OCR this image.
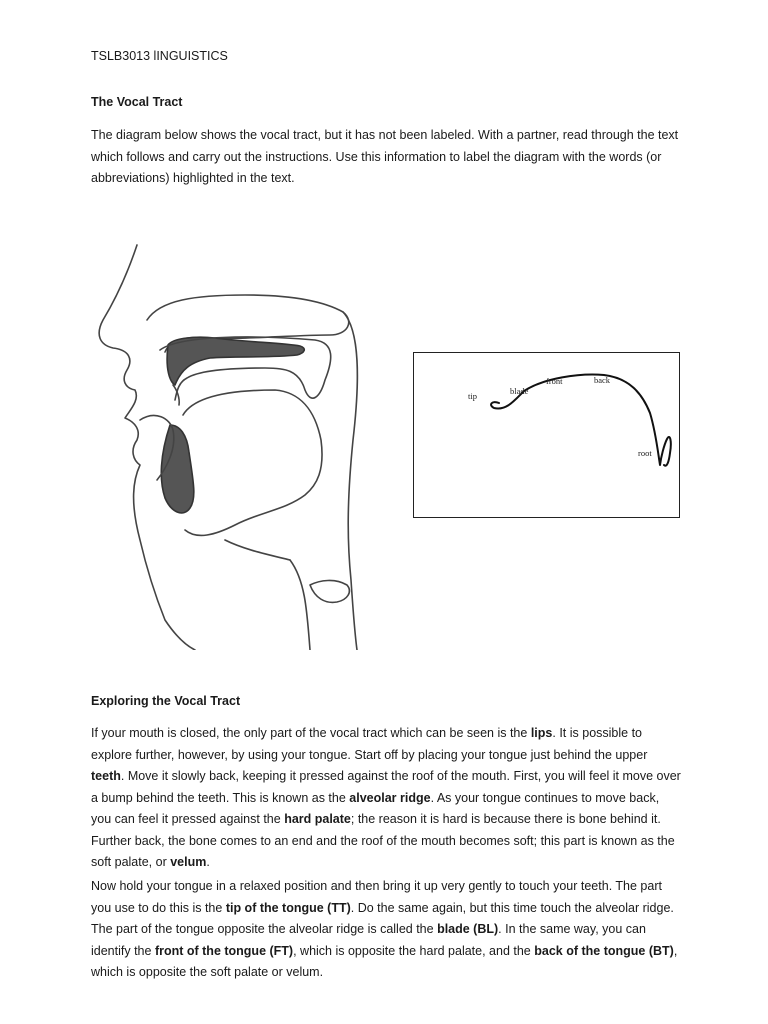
TSLB3013 lINGUISTICS
The Vocal Tract
The diagram below shows the vocal tract, but it has not been labeled. With a partner, read through the text which follows and carry out the instructions. Use this information to label the diagram with the words (or abbreviations) highlighted in the text.
tip	blade
front	back
root
Exploring the Vocal Tract
If your mouth is closed, the only part of the vocal tract which can be seen is the lips. It is possible to explore further, however, by using your tongue. Start off by placing your tongue just behind the upper teeth. Move it slowly back, keeping it pressed against the roof of the mouth. First, you will feel it move over a bump behind the teeth. This is known as the alveolar ridge. As your tongue continues to move back, you can feel it pressed against the hard palate; the reason it is hard is because there is bone behind it. Further back, the bone comes to an end and the roof of the mouth becomes soft; this part is known as the soft palate, or velum.
Now hold your tongue in a relaxed position and then bring it up very gently to touch your teeth. The part you use to do this is the tip of the tongue (TT). Do the same again, but this time touch the alveolar ridge. The part of the tongue opposite the alveolar ridge is called the blade (BL). In the same way, you can identify the front of the tongue (FT), which is opposite the hard palate, and the back of the tongue (BT), which is opposite the soft palate or velum.
